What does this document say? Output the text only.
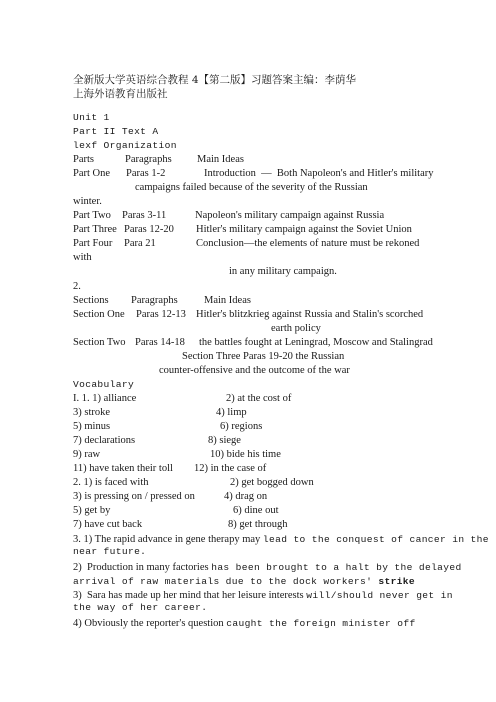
全新版大学英语综合教程 4【第二版】习题答案主编：李荫华
上海外语教育出版社
Unit 1
Part II Text A
lexf Organization
Parts	Paragraphs Main Ideas
Part One Paras 1-2	Introduction  —  Both Napoleon's and Hitler's military
campaigns failed because of the severity of the Russian
winter.
Part Two Paras 3-11	Napoleon's military campaign against Russia
Part Three Paras 12-20 Hitler's military campaign against the Soviet Union
Part Four Para 21	Conclusion—the elements of nature must be rekoned
with
in any military campaign.
2.
Sections Paragraphs	Main Ideas
Section One Paras 12-13 Hitler's blitzkrieg against Russia and Stalin's scorched
earth policy
Section Two Paras 14-18 the battles fought at Leningrad, Moscow and Stalingrad
Section Three Paras 19-20 the Russian
counter-offensive and the outcome of the war
Vocabulary
I. 1. 1) alliance	2) at the cost of
3) stroke	4) limp
5) minus	6) regions
7) declarations	8) siege
9) raw	10) bide his time
11) have taken their toll 12) in the case of
2. 1) is faced with	2) get bogged down
3) is pressing on / pressed on	4) drag on
5) get by	6) dine out
7) have cut back	8) get through
3. 1) The rapid advance in gene therapy may lead to the conquest of cancer in the
near future.
2)  Production in many factories has been brought to a halt by the delayed
arrival of raw materials due to the dock workers' strike
3)  Sara has made up her mind that her leisure interests will/should never get in
the way of her career.
4) Obviously the reporter's question caught the foreign minister off
